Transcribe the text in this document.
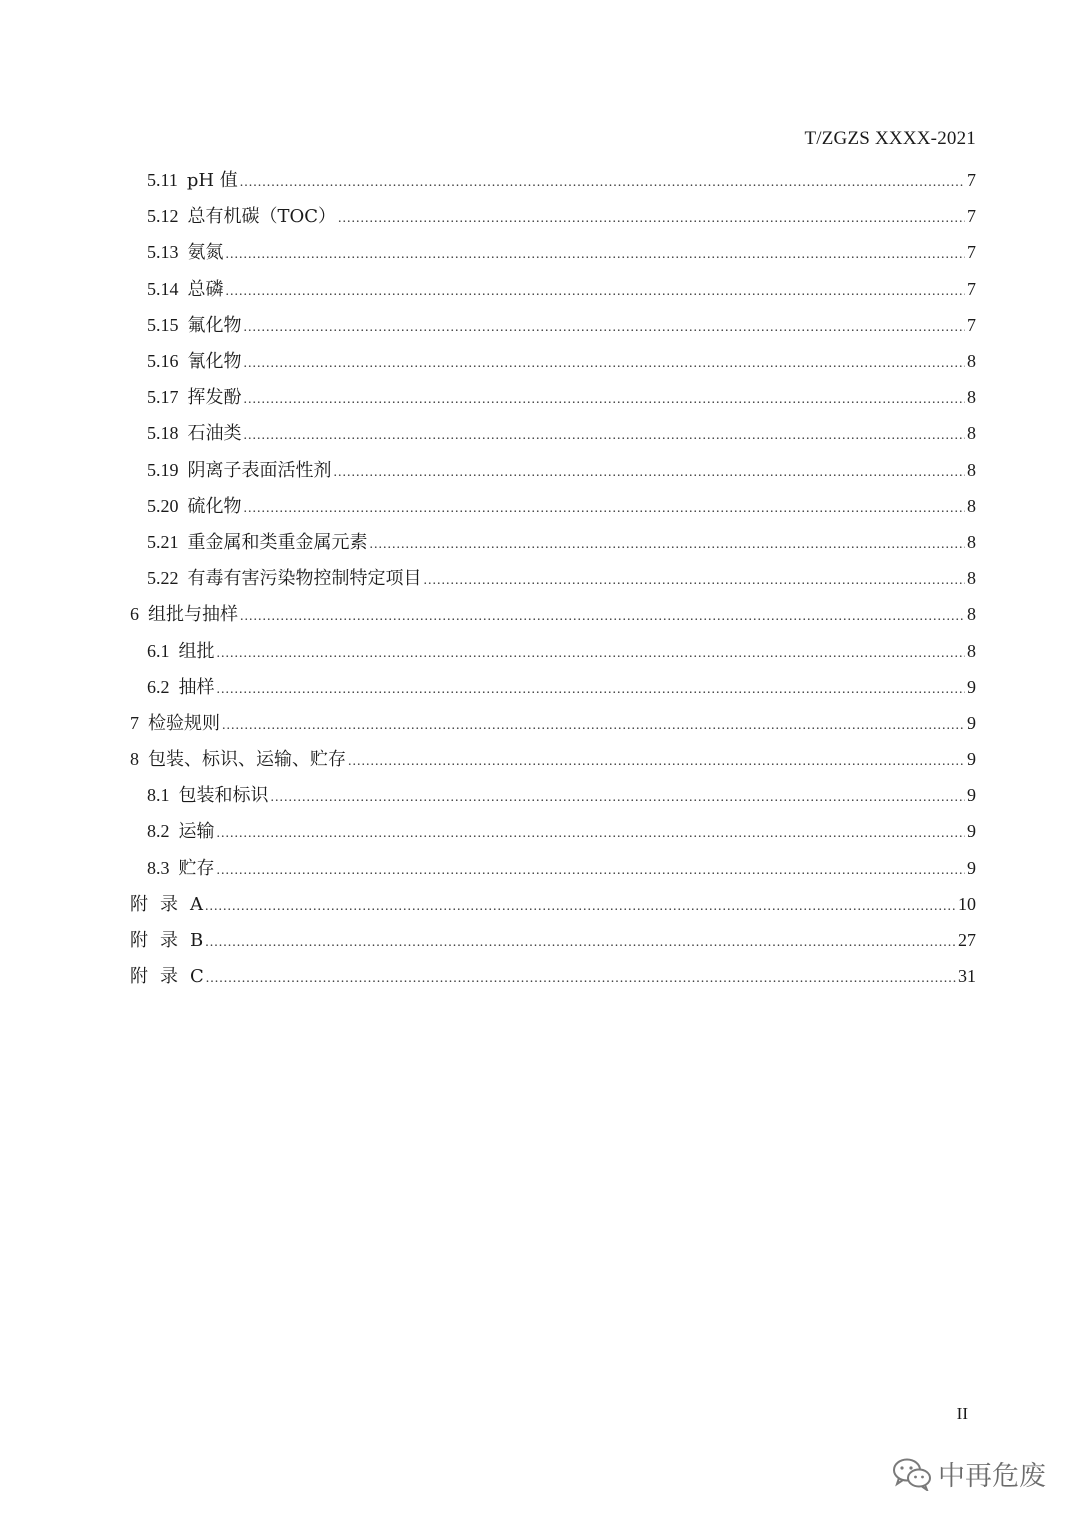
T/ZGZS XXXX-2021
5.11 pH 值 .....	7
5.12 总有机碳（TOC） .....	7
5.13 氨氮 .....	7
5.14 总磷 .....	7
5.15 氟化物 .....	7
5.16 氰化物 .....	8
5.17 挥发酚 .....	8
5.18 石油类 .....	8
5.19 阴离子表面活性剂 .....	8
5.20 硫化物 .....	8
5.21 重金属和类重金属元素 .....	8
5.22 有毒有害污染物控制特定项目 .....	8
6 组批与抽样 .....	8
6.1 组批 .....	8
6.2 抽样 .....	9
7 检验规则 .....	9
8 包装、标识、运输、贮存 .....	9
8.1 包装和标识 .....	9
8.2 运输 .....	9
8.3 贮存 .....	9
附录 A .....	10
附录 B .....	27
附录 C .....	31
II
中再危废
